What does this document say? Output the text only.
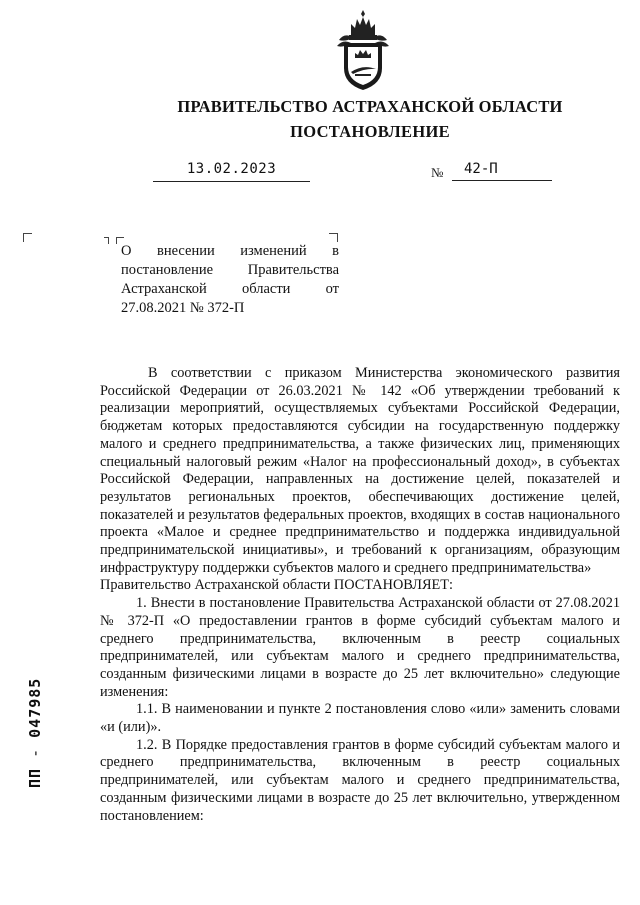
ПРАВИТЕЛЬСТВО АСТРАХАНСКОЙ ОБЛАСТИ
ПОСТАНОВЛЕНИЕ
13.02.2023	№	42-П
О внесении изменений в постановление Правительства Астраханской области от 27.08.2021 № 372-П

В соответствии с приказом Министерства экономического развития Российской Федерации от 26.03.2021 № 142 «Об утверждении требований к реализации мероприятий, осуществляемых субъектами Российской Федерации, бюджетам которых предоставляются субсидии на государственную поддержку малого и среднего предпринимательства, а также физических лиц, применяющих специальный налоговый режим «Налог на профессиональный доход», в субъектах Российской Федерации, направленных на достижение целей, показателей и результатов региональных проектов, обеспечивающих достижение целей, показателей и результатов федеральных проектов, входящих в состав национального проекта «Малое и среднее предпринимательство и поддержка индивидуальной предпринимательской инициативы», и требований к организациям, образующим инфраструктуру поддержки субъектов малого и среднего предпринимательства»

Правительство Астраханской области ПОСТАНОВЛЯЕТ:

1. Внести в постановление Правительства Астраханской области от 27.08.2021 № 372-П «О предоставлении грантов в форме субсидий субъектам малого и среднего предпринимательства, включенным в реестр социальных предпринимателей, или субъектам малого и среднего предпринимательства, созданным физическими лицами в возрасте до 25 лет включительно» следующие изменения:

1.1. В наименовании и пункте 2 постановления слово «или» заменить словами «и (или)».

1.2. В Порядке предоставления грантов в форме субсидий субъектам малого и среднего предпринимательства, включенным в реестр социальных предпринимателей, или субъектам малого и среднего предпринимательства, созданным физическими лицами в возрасте до 25 лет включительно, утвержденном постановлением:

ПП - 047985
